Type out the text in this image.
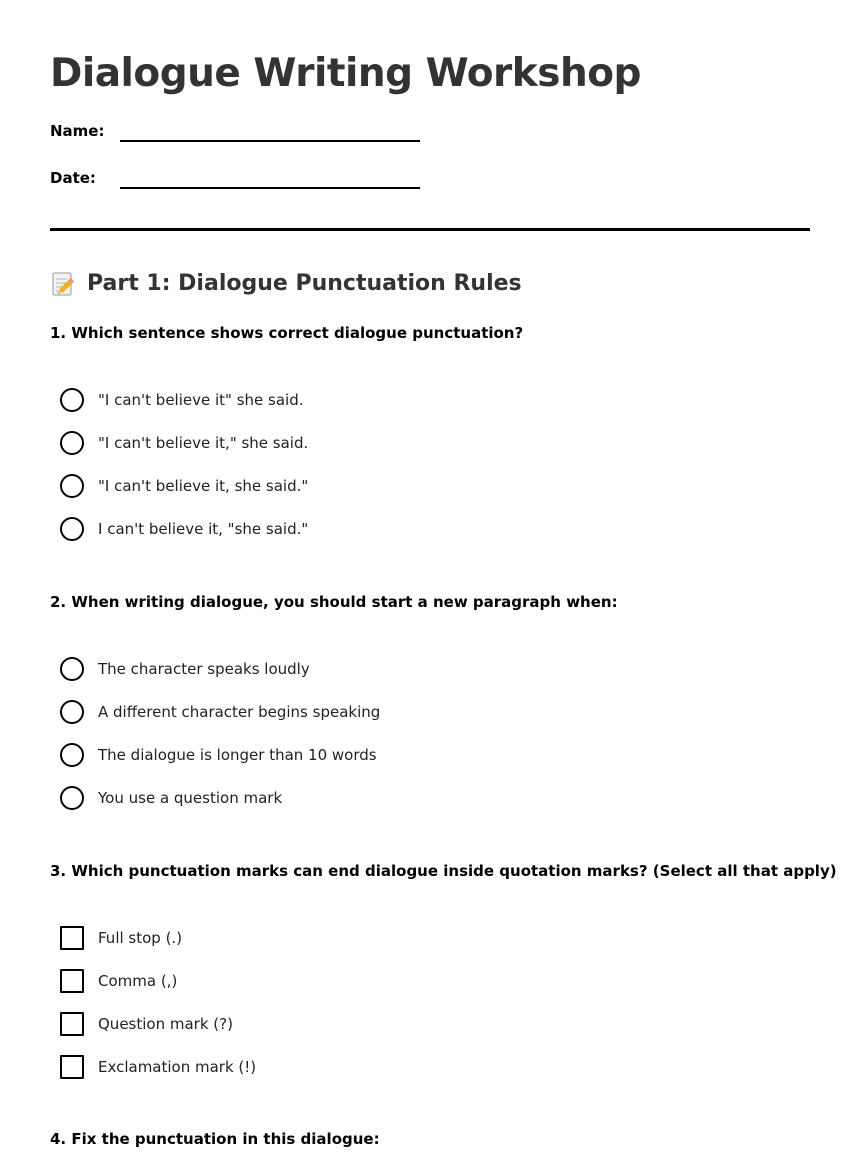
Dialogue Writing Workshop
Name:
Date:
Part 1: Dialogue Punctuation Rules

1. Which sentence shows correct dialogue punctuation?

"I can't believe it" she said.
"I can't believe it," she said.
"I can't believe it, she said."
I can't believe it, "she said."

2. When writing dialogue, you should start a new paragraph when:

The character speaks loudly
A different character begins speaking
The dialogue is longer than 10 words
You use a question mark

3. Which punctuation marks can end dialogue inside quotation marks? (Select all that apply)

Full stop (.)
Comma (,)
Question mark (?)
Exclamation mark (!)

4. Fix the punctuation in this dialogue:
